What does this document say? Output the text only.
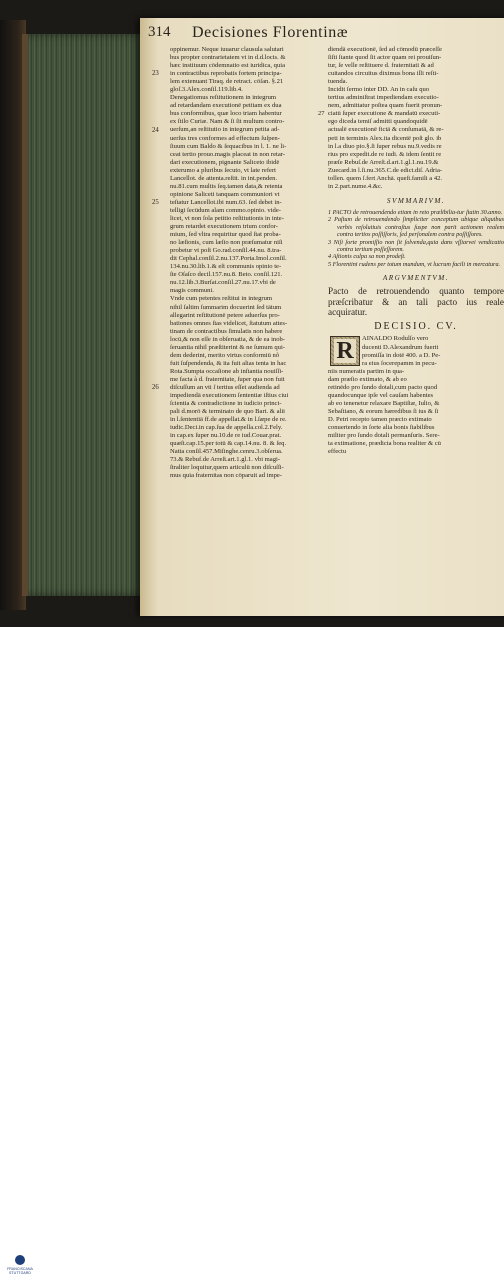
314 Decisiones Florentinæ
oppinemur. Neque iuuarur clausula salutari
bus propter contrarietatem vt in d.d.locis. &
hæc instituum cōdemnatio est iuridica, quia
in contractibus reprobatis fortem principa-
lem extenuant Tiraq. de retract. cōſan. §.21
gloſ.3.Alex.conſil.119.lib.4.
Denegatiomus reſtitutionem in integrum
ad retardandam executionē petitam ex dua
bus conformibus, quæ loco triam habentur
ex ſtilo Curiæ. Nam & ſi ſit multum contro-
uerſum,an reſtitutio in integrum petita ad-
uerſus tres conformes ad effectum ſuſpen-
ſiuum cum Baldo & ſequacibus in l. 1. ne li-
ceat tertio prouo.magis placeat in non retar-
dari executionem, pignante Saliceto ibidē
exterumo a pluribus ſecuto, vt late refert
Lancellot. de attenta.reſtit. in int.penden.
nu.81.cum multis ſeq.tamen data,& retenta
opinione Saliceti tanquam communiori vt
teſtatur Lancellot.ibi num.63. ſed debet in-
telligi ſecūdum alam commo.opinio. vide-
licet, vt non ſola petitio reſtitutionis in inte-
grum retardet executionem trium confor-
mium, ſed vltra requiritur quod ſtat proba-
no læſionis, cum læſio non præſumatur niſi
probetur vt poſt Go.rad.conſil.44.nu. 8.tra-
dit Cephal.conſil.2.nu.137.Porta.Imol.conſil.
134.nu.30.lib.1.& eſt communis opinio te-
ſte Oſaſco decil.157.nu.8. Beto. conſil.121.
nu.12.lib.3.Burſat.conſil.27.nu.17.vbi de
magis communi.
Vnde cum petentes reſtitui in integrum
nihil ſaltim ſummarim docuerint ſed tātum
allegarint reſtitutionē petere aduerſus pro-
bationes omnes ſtas videlicet, ſtatutum attes-
tinam de contractibus ſimulatis non habere
locū,& non eſſe in obſeruatia, & de ea inob-
ſeruantia nihil præſtiterint & ne ſumum qui-
dem dederint, merito virtus conformiū nõ
fuit ſuſpendenda, & ita fuit alias tenta in hac
Rota.Sumpta occaſione ab inſtantia nouiſſi-
me facta à d. fraternitate, ſuper qua non fuit
diſcuſſum an vti ſ tertius eſſet audienda ad
impediendā executionem ſententiæ iſtius ciui
ſcientia & contradictione in iudicio princi-
pali d.morō & terminato de quo Bart. & alii
in l.ſententiā ff.de appellat.& in l.ſæpe de re.
iudic.Deci.in cap.ſua de appella.col.2.Fely.
in cap.ex ſuper nu.10.de re iud.Couar.prat.
quæſt.cap.15.per totū & cap.14.nu. 8. & ſeq.
Natta conſil.457.Miſinghe.cenru.3.obſerua.
73.& Rebuf.de Arreſt.art.1.gl.1. vbi magi-
ſtraliter loquitur,quem articulū non diſcuſſi-
mus quia fraternitas non cōparuit ad impe-
23
24
25
26
diendā executionē, ſed ad cōmodū præceſſe
ſiſti ſtante quod ſit actor quam rei prouiſun-
tur, ſe velle reſtituere d. fraternitati & ad
cuitandos circuitus diximus bona illi reſti-
tuenda.
Incidit ſermo inter DD. An in caſu quo
tertius adminiſtrat impediendam executio-
nem, admittatur poſtea quam fuerit pronun-
ciatū ſuper executione & mandatū executi-
ego diceda temiſ admitti quandoquidē
actualē executionē fictā & conſumatā, & re-
peti in terminis Alex.ita dicentē poſt glo. ib
in l.a diuo pio.§.ſi ſuper rebus nu.9.vedis re
rius pro expedit.de re iudi. & idem ſentit re
præſe Rebuſ.de Arreſt.d.art.1.gl.1.nu.19.&
Zuecard.in l.ſi.nu.365.C.de edict.diſ. Adria-
tollen. quem ſ.fert Anchā. queſt.famili a 42.
in 2.part.nume.4.&c.
SVMMARIVM.
1 PACTO de retrouendendo etiam in reto prælibilia-tur ſtatin 30.anno.
2 Paſtum de retrouendendo ſimpliciter conceptum ubique aliquibus verbis reſolutiuis contraſtus ſuspe non parit actionem realem contra tertios poſſiſſoris, ſed perſonalem contra poſſiſſores.
3 Niſi ſorte promiſſio non ſit ſolvenda,quia dans vſſiarvei vendicatio contra tertium poſſeſſorem.
4 Aſtionis culpa sa non prodeſt.
5 Florentini rudens per totum mundum, vt lucrum facili in mercatura.
ARGVMENTVM.
Pacto de retrouendendo quanto tempore præſcribatur & an tali pacto ius reale acquiratur.
DECISIO. CV.
R	AINALDO Rodulſo vero
ducenti D.Alexandrum fuerit
promiſſa in dotē 400. a D. Pe-
ra eius ſocerepamm in pecu-
niis numeratis partim in qua-
dam præſio extimato, & ab eo
retinēdo pro ſundo dotali,cum pacto quod
quandocunque ipſe vel cauſam habentes
ab eo tenenetur relaxare Baptiſtæ, Iulio, &
Sebaſtiano, & eorum hæredibus ſi ius & ſi
D. Petri recepto tamen præcio extimato
conuertendo in ſorte alia bonis ſtabilibus
militer pro ſundo dotali permanſuris. Sere-
ta extimatione, prædicta bona realiter & cū
effectu
27
FRANCISCANA STUTTGARD
